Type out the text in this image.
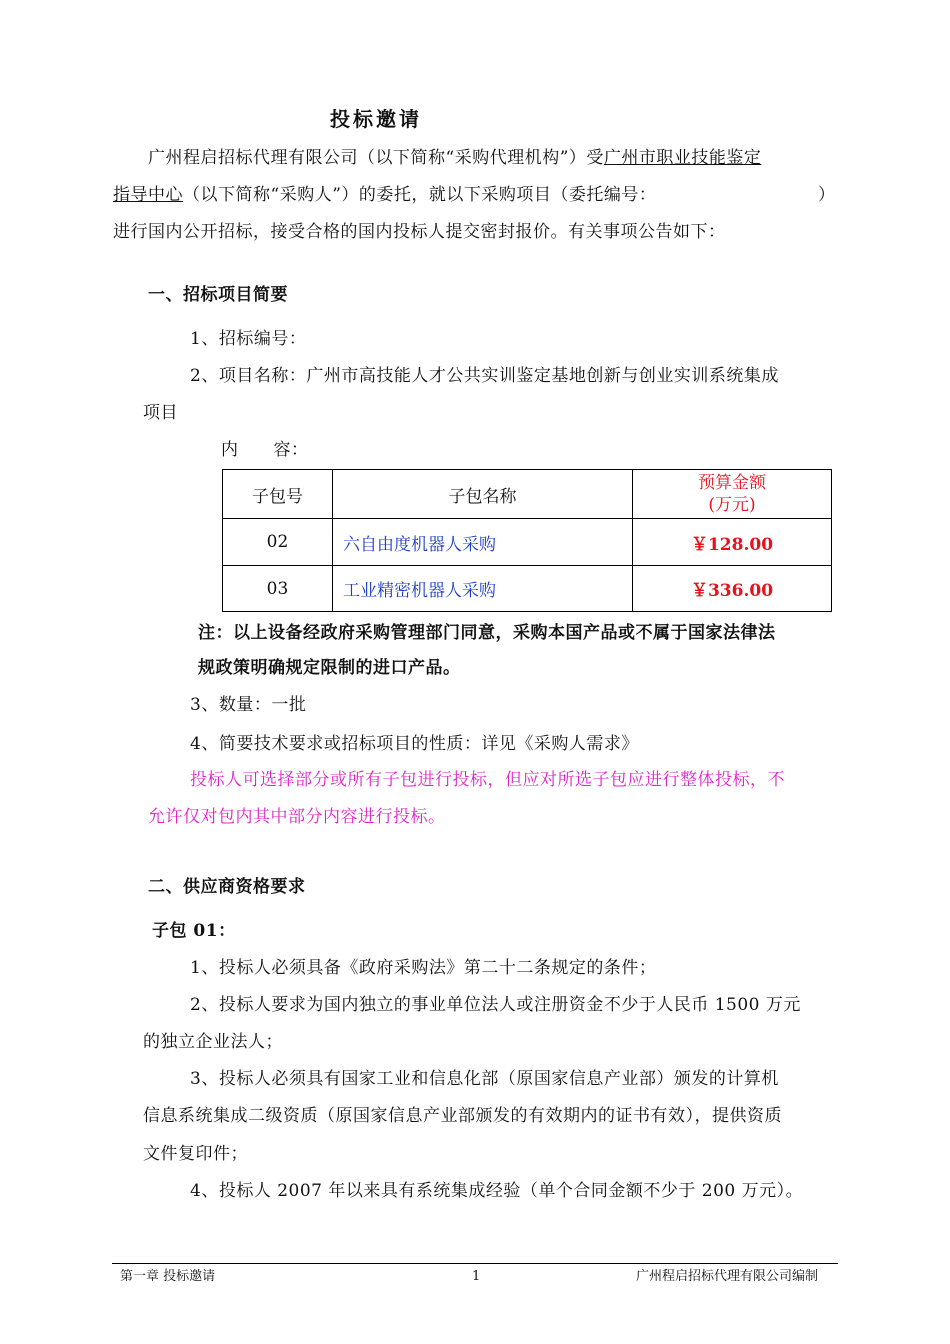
投标邀请
广州程启招标代理有限公司（以下简称“采购代理机构”）受广州市职业技能鉴定
指导中心（以下简称“采购人”）的委托，就以下采购项目（委托编号：	）
进行国内公开招标，接受合格的国内投标人提交密封报价。有关事项公告如下：
一、招标项目简要
1、招标编号：
2、项目名称：广州市高技能人才公共实训鉴定基地创新与创业实训系统集成
项目
内　　容：
子包号	子包名称	预算金额
(万元)

02	六自由度机器人采购	￥128.00
03	工业精密机器人采购	￥336.00
注：以上设备经政府采购管理部门同意，采购本国产品或不属于国家法律法
规政策明确规定限制的进口产品。
3、数量：一批
4、简要技术要求或招标项目的性质：详见《采购人需求》
投标人可选择部分或所有子包进行投标，但应对所选子包应进行整体投标，不
允许仅对包内其中部分内容进行投标。
二、供应商资格要求
子包 01：
1、投标人必须具备《政府采购法》第二十二条规定的条件；
2、投标人要求为国内独立的事业单位法人或注册资金不少于人民币 1500 万元
的独立企业法人；
3、投标人必须具有国家工业和信息化部（原国家信息产业部）颁发的计算机
信息系统集成二级资质（原国家信息产业部颁发的有效期内的证书有效），提供资质
文件复印件；
4、投标人 2007 年以来具有系统集成经验（单个合同金额不少于 200 万元）。
第一章 投标邀请	1	广州程启招标代理有限公司编制
